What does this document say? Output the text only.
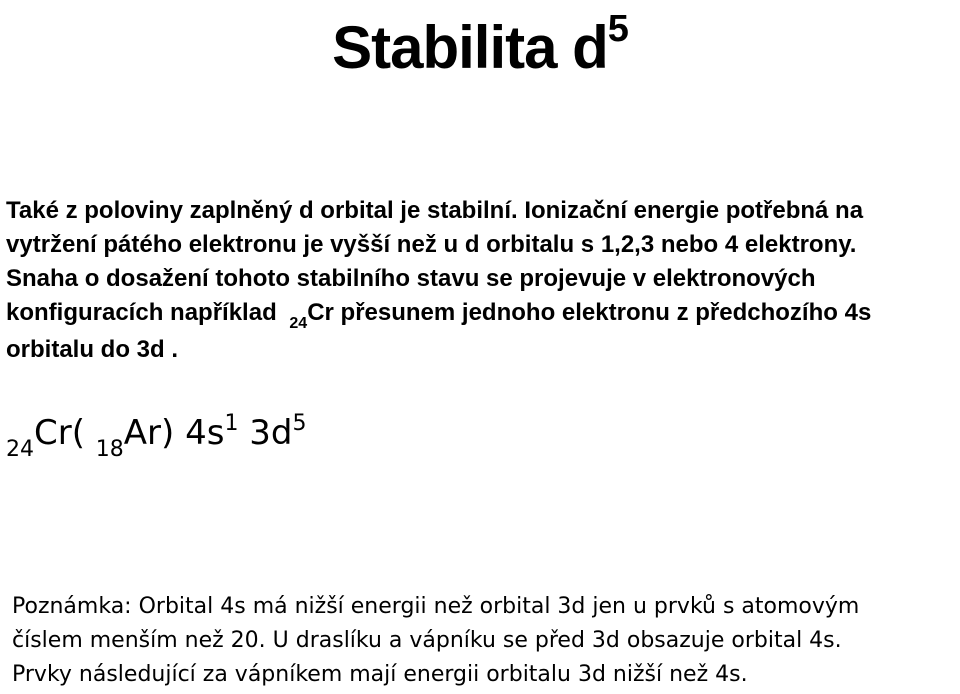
Stabilita $d^5$
Také z poloviny zaplněný d orbital je stabilní. Ionizační energie potřebná na
vytržení pátého elektronu je vyšší než u d orbitalu s 1,2,3 nebo 4 elektrony.
Snaha o dosažení tohoto stabilního stavu se projevuje v elektronových
konfiguracích například $_{24}$Cr přesunem jednoho elektronu z předchozího 4s
orbitalu do 3d .
$_{24}$Cr( $_{18}$Ar) $4s^1$ $3d^5$
Poznámka: Orbital 4s má nižší energii než orbital 3d jen u prvků s atomovým
číslem menším než 20. U draslíku a vápníku se před 3d obsazuje orbital 4s.
Prvky následující za vápníkem mají energii orbitalu 3d nižší než 4s.
